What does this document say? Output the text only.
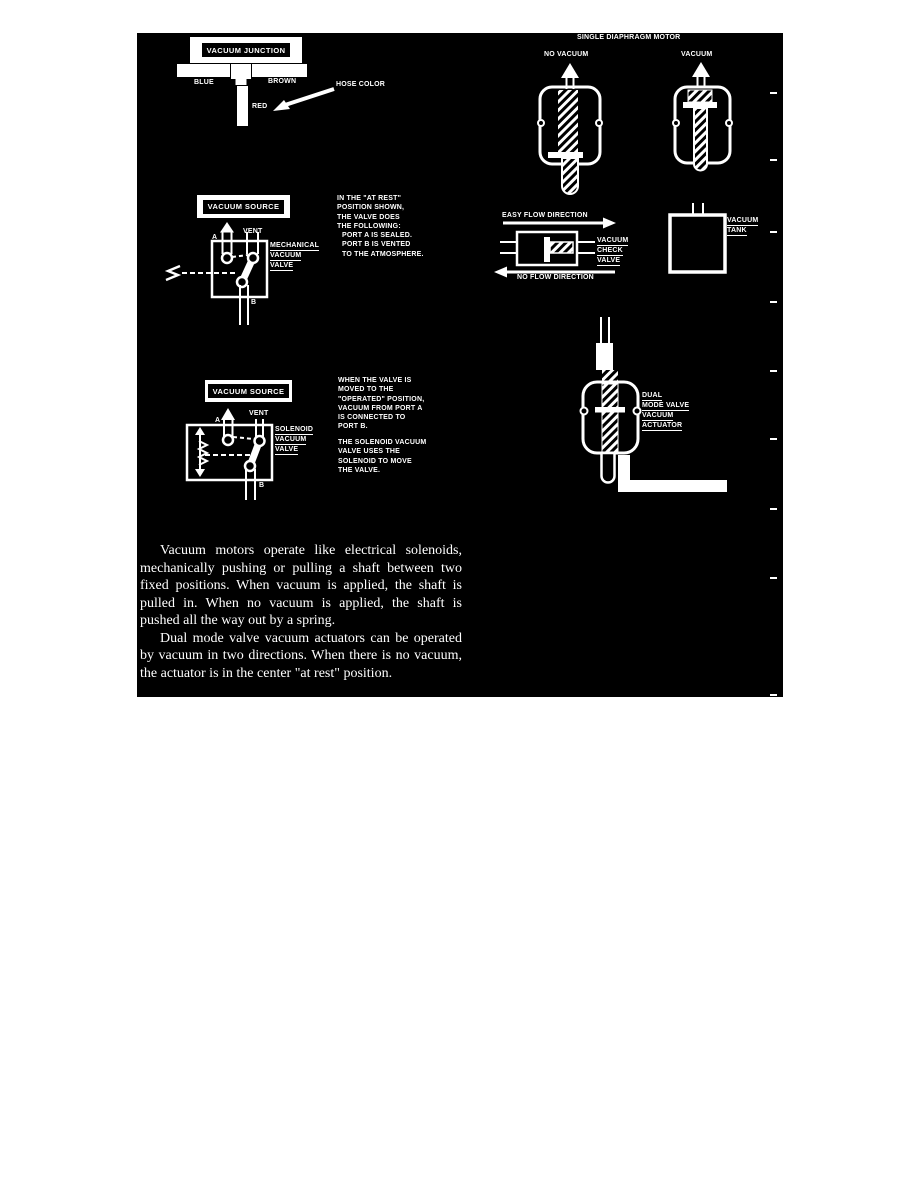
VACUUM JUNCTION
VACUUM SOURCE
VACUUM SOURCE
BLUE	BROWN
RED
HOSE COLOR
A
VENT
B
MECHANICAL
VACUUM
VALVE
IN THE "AT REST"
POSITION SHOWN,
THE VALVE DOES
THE FOLLOWING:
PORT A IS SEALED.
PORT B IS VENTED
TO THE ATMOSPHERE.
A
VENT
B
SOLENOID
VACUUM
VALVE
WHEN THE VALVE IS
MOVED TO THE
"OPERATED" POSITION,
VACUUM FROM PORT A
IS CONNECTED TO
PORT B.
THE SOLENOID VACUUM
VALVE USES THE
SOLENOID TO MOVE
THE VALVE.
SINGLE DIAPHRAGM MOTOR
NO VACUUM	VACUUM
EASY FLOW DIRECTION
NO FLOW DIRECTION
VACUUM
CHECK
VALVE
VACUUM
TANK
DUAL
MODE VALVE
VACUUM
ACTUATOR

Vacuum motors operate like electrical solenoids, mechanically pushing or pulling a shaft between two fixed positions. When vacuum is applied, the shaft is pulled in. When no vacuum is applied, the shaft is pushed all the way out by a spring.

Dual mode valve vacuum actuators can be operated by vacuum in two directions. When there is no vacuum, the actuator is in the center "at rest" position.
